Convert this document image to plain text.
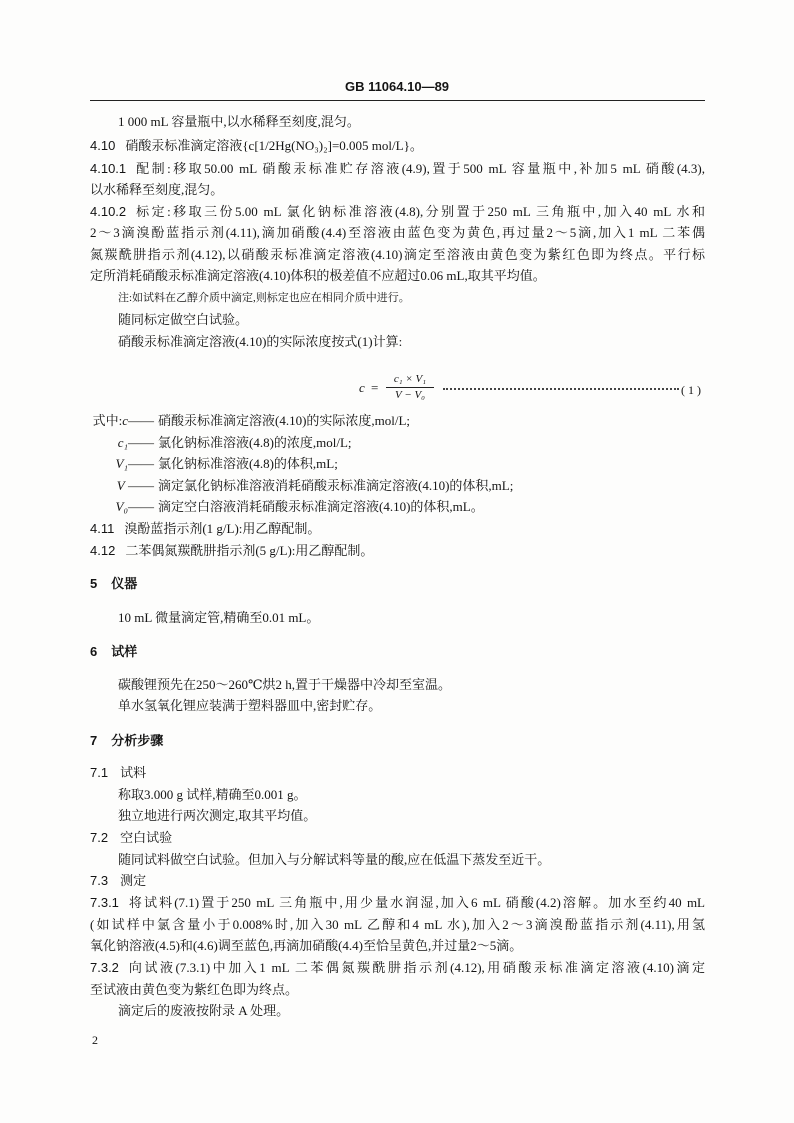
GB 11064.10—89
1 000 mL 容量瓶中,以水稀释至刻度,混匀。
4.10 硝酸汞标准滴定溶液{c[1/2Hg(NO₃)₂]=0.005 mol/L}。
4.10.1 配制:移取50.00 mL 硝酸汞标准贮存溶液(4.9),置于500 mL 容量瓶中,补加5 mL 硝酸(4.3),
以水稀释至刻度,混匀。
4.10.2 标定:移取三份5.00 mL 氯化钠标准溶液(4.8),分别置于250 mL 三角瓶中,加入40 mL 水和
2～3滴溴酚蓝指示剂(4.11),滴加硝酸(4.4)至溶液由蓝色变为黄色,再过量2～5滴,加入1 mL 二苯偶
氮羰酰肼指示剂(4.12),以硝酸汞标准滴定溶液(4.10)滴定至溶液由黄色变为紫红色即为终点。平行标
定所消耗硝酸汞标准滴定溶液(4.10)体积的极差值不应超过0.06 mL,取其平均值。
注:如试料在乙醇介质中滴定,则标定也应在相同介质中进行。
随同标定做空白试验。
硝酸汞标准滴定溶液(4.10)的实际浓度按式(1)计算:
$c = \frac{\text{c₁ × V₁}}{\text{V − V₀}}$	( 1 )
式中:c—— 硝酸汞标准滴定溶液(4.10)的实际浓度,mol/L;
c₁—— 氯化钠标准溶液(4.8)的浓度,mol/L;
V₁—— 氯化钠标准溶液(4.8)的体积,mL;
V —— 滴定氯化钠标准溶液消耗硝酸汞标准滴定溶液(4.10)的体积,mL;
V₀—— 滴定空白溶液消耗硝酸汞标准滴定溶液(4.10)的体积,mL。
4.11 溴酚蓝指示剂(1 g/L):用乙醇配制。
4.12 二苯偶氮羰酰肼指示剂(5 g/L):用乙醇配制。
5 仪器
10 mL 微量滴定管,精确至0.01 mL。
6 试样
碳酸锂预先在250～260℃烘2 h,置于干燥器中冷却至室温。
单水氢氧化锂应装满于塑料器皿中,密封贮存。
7 分析步骤
7.1 试料
称取3.000 g 试样,精确至0.001 g。
独立地进行两次测定,取其平均值。
7.2 空白试验
随同试料做空白试验。但加入与分解试料等量的酸,应在低温下蒸发至近干。
7.3 测定
7.3.1 将试料(7.1)置于250 mL 三角瓶中,用少量水润湿,加入6 mL 硝酸(4.2)溶解。加水至约40 mL
(如试样中氯含量小于0.008%时,加入30 mL 乙醇和4 mL 水),加入2～3滴溴酚蓝指示剂(4.11),用氢
氧化钠溶液(4.5)和(4.6)调至蓝色,再滴加硝酸(4.4)至恰呈黄色,并过量2～5滴。
7.3.2 向试液(7.3.1)中加入1 mL 二苯偶氮羰酰肼指示剂(4.12),用硝酸汞标准滴定溶液(4.10)滴定
至试液由黄色变为紫红色即为终点。
滴定后的废液按附录 A 处理。
2
